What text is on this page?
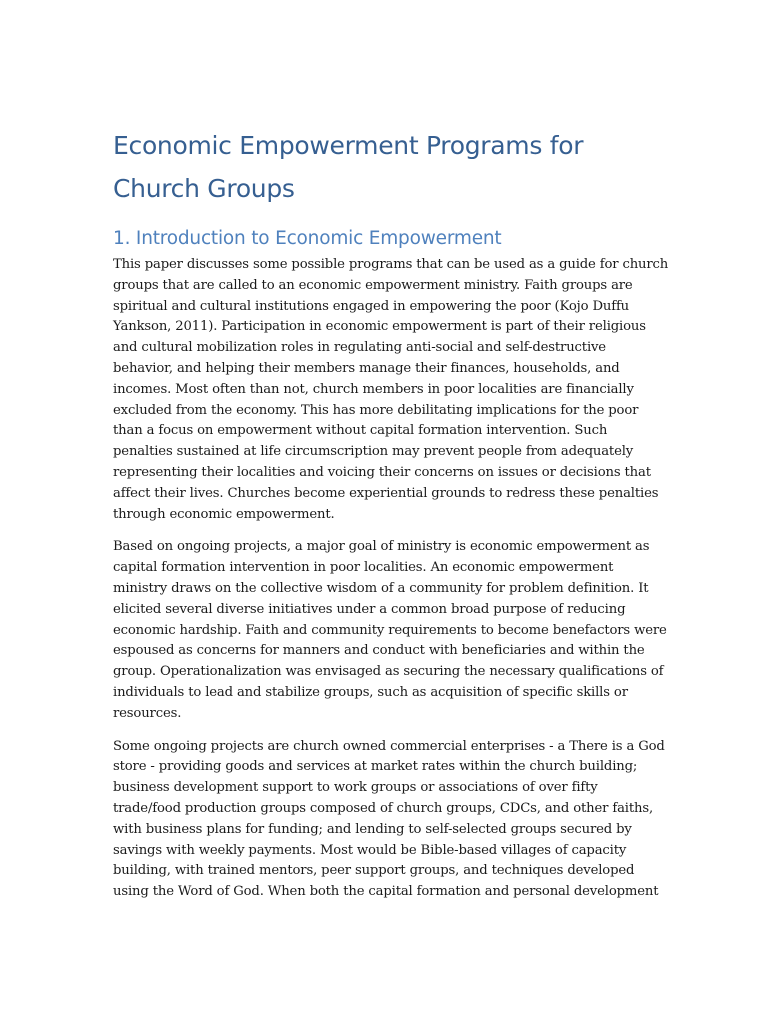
Economic Empowerment Programs for
Church Groups
1. Introduction to Economic Empowerment

This paper discusses some possible programs that can be used as a guide for church
groups that are called to an economic empowerment ministry. Faith groups are
spiritual and cultural institutions engaged in empowering the poor (Kojo Duffu
Yankson, 2011). Participation in economic empowerment is part of their religious
and cultural mobilization roles in regulating anti-social and self-destructive
behavior, and helping their members manage their finances, households, and
incomes. Most often than not, church members in poor localities are financially
excluded from the economy. This has more debilitating implications for the poor
than a focus on empowerment without capital formation intervention. Such
penalties sustained at life circumscription may prevent people from adequately
representing their localities and voicing their concerns on issues or decisions that
affect their lives. Churches become experiential grounds to redress these penalties
through economic empowerment.

Based on ongoing projects, a major goal of ministry is economic empowerment as
capital formation intervention in poor localities. An economic empowerment
ministry draws on the collective wisdom of a community for problem definition. It
elicited several diverse initiatives under a common broad purpose of reducing
economic hardship. Faith and community requirements to become benefactors were
espoused as concerns for manners and conduct with beneficiaries and within the
group. Operationalization was envisaged as securing the necessary qualifications of
individuals to lead and stabilize groups, such as acquisition of specific skills or
resources.

Some ongoing projects are church owned commercial enterprises - a There is a God
store - providing goods and services at market rates within the church building;
business development support to work groups or associations of over fifty
trade/food production groups composed of church groups, CDCs, and other faiths,
with business plans for funding; and lending to self-selected groups secured by
savings with weekly payments. Most would be Bible-based villages of capacity
building, with trained mentors, peer support groups, and techniques developed
using the Word of God. When both the capital formation and personal development
